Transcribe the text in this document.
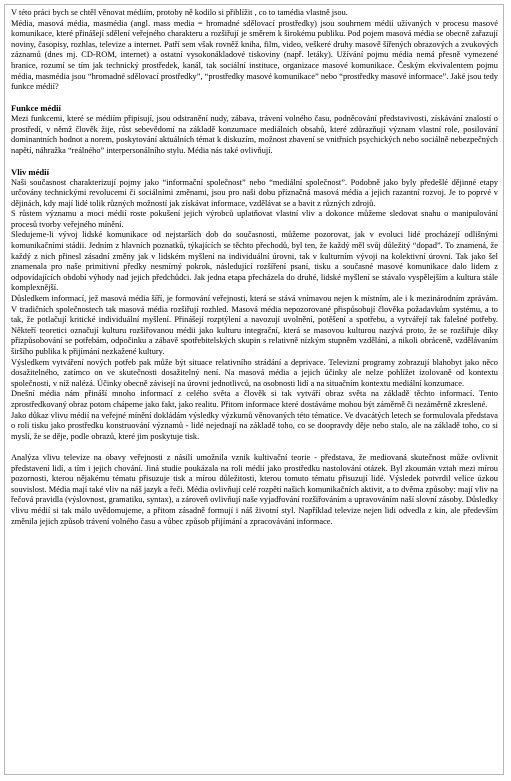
V této práci bych se chtěl věnovat médiím, protoby ně kodilo si přiblížit , co to tamédia vlastně jsou.

Média, masová média, masmédia (angl. mass media = hromadné sdělovací prostředky) jsou souhrnem médií užívaných v procesu masové komunikace, které přinášejí sdělení veřejného charakteru a rozšiřují je směrem k širokému publiku. Pod pojem masová média se obecně zařazují noviny, časopisy, rozhlas, televize a internet. Patří sem však rovněž kniha, film, video, veškeré druhy masově šířených obrazových a zvukových záznamů (dnes mj. CD-ROM, internet) a ostatní vysokonákladové tiskoviny (např. letáky). Užívání pojmu média nemá přesně vymezené hranice, rozumí se tím jak technický prostředek, kanál, tak sociální instituce, organizace masové komunikace. Českým ekvivalentem pojmu média, masmédia jsou “hromadné sdělovací prostředky”, “prostředky masové komunikace” nebo “prostředky masové informace”. Jaké jsou tedy funkce médií?

Funkce médií

Mezi funkcemi, které se médiím připisují, jsou odstranění nudy, zábava, trávení volného času, podněcování představivosti, získávání znalostí o prostředí, v němž člověk žije, růst sebevědomí na základě konzumace mediálních obsahů, které zdůrazňují význam vlastní role, posilování dominantních hodnot a norem, poskytování aktuálních témat k diskuzím, možnost zbavení se vnitřních psychických nebo sociálně nebezpečných napětí, náhražka “reálného” interpersonálního stylu. Média nás také ovlivňují.

Vliv médií

Naši současnost charakterizují pojmy jako “informační společnost” nebo “mediální společnost”. Podobně jako byly předešlé dějinné etapy určovány technickými revolucemi či sociálními změnami, jsou pro naši dobu příznačná masová média a jejich razantní rozvoj. Je to poprvé v dějinách, kdy mají lidé tolik různých možností jak získávat informace, vzdělávat se a bavit z různých zdrojů.

S růstem významu a moci médií roste pokušení jejich výrobců uplatňovat vlastní vliv a dokonce můžeme sledovat snahu o manipulování procesů tvorby veřejného mínění.

Sledujeme-li vývoj lidské komunikace od nejstarších dob do současnosti, můžeme pozorovat, jak v evoluci lidé procházejí odlišnými komunikačními stádii. Jedním z hlavních poznatků, týkajících se těchto přechodů, byl ten, že každý měl svůj důležitý “dopad”. To znamená, že každý z nich přinesl zásadní změny jak v lidském myšlení na individuální úrovni, tak v kulturním vývoji na kolektivní úrovni. Tak jako šel znamenala pro naše primitivní předky nesmírný pokrok, následující rozšíření psaní, tisku a současné masové komunikace dalo lidem z odpovídajících období výhody nad jejich předchůdci. Jak jedna etapa přecházela do druhé, lidské myšlení se stávalo vyspělejším a kultura stále komplexnější.

Důsledkem informací, jež masová média šíří, je formování veřejnosti, která se stává vnímavou nejen k místním, ale i k mezinárodním zprávám. V tradičních společnostech tak masová média rozšiřují rozhled. Masová média nepozorované přispůsobují člověka požadavkům systému, a to tak, že potlačují kritické individuální myšlení. Přinášejí rozptýlení a navozují uvolnění, potěšení a spotřebu, a vytvářejí tak falešné potřeby. Někteří teoretici označují kulturu rozšiřovanou médii jako kulturu integrační, která se masovou kulturou nazývá proto, že se rozšiřuje díky přizpůsobování se potřebám, odpočinku a zábavě spotřebitelských skupin s relativně nízkým stupněm vzdělání, a nikoli obráceně, vzdělávaním širšího publika k přijímání nezkažené kultury.

Výsledkem vytváření nových potřeb pak může být situace relativního strádání a deprivace. Televizní programy zobrazují blahobyt jako něco dosažitelného, zatímco on ve skutečnosti dosažitelný není. Na masová média a jejich účinky ale nelze pohlížet izolovaně od kontextu společnosti, v níž nalézá. Účinky obecně závisejí na úrovni jednotlivců, na osobnosti lidí a na situačním kontextu mediální konzumace.

Dnešní média nám přináší mnoho informací z celého světa a člověk si tak vytváří obraz světa na základě těchto informací. Tento zprostředkovaný obraz potom chápeme jako fakt, jako realitu. Přitom informace které dostáváme mohou být záměrně či nezáměrně zkreslené.

Jako důkaz vlivu médií na veřejné mínění dokládám výsledky výzkumů věnovaných této tématice. Ve dvacátých letech se formulovala představa o roli tisku jako prostředku konstruování významů - lidé nejednají na základě toho, co se doopravdy děje nebo stalo, ale na základě toho, co si myslí, že se děje, podle obrazů, které jim poskytuje tisk.

Analýza vlivu televize na obavy veřejnosti z násilí umožnila vznik kultivační teorie - představa, že mediovaná skutečnost může ovlivnit představení lidí, a tím i jejich chování. Jiná studie poukázala na roli médií jako prostředku nastolování otázek. Byl zkoumán vztah mezi mírou pozornosti, kterou nějakému tématu přisuzuje tisk a mírou důležitosti, kterou tomuto tématu přisuzují lidé. Výsledek potvrdil velice úzkou souvislost. Média mají také vliv na náš jazyk a řeči. Média ovlivňují celé rozpětí našich komunikačních aktivit, a to dvěma způsoby: mají vliv na řečová pravidla (výslovnost, gramatiku, syntax), a zároveň ovlivňují naše vyjadřování rozšiřováním a upravováním naší slovní zásoby. Důsledky vlivu médií si tak málo uvědomujeme, a přitom zásadně formují i náš životní styl. Například televize nejen lidi odvedla z kin, ale především změnila jejich způsob trávení volného času a vůbec způsob přijímání a zpracovávání informace.
